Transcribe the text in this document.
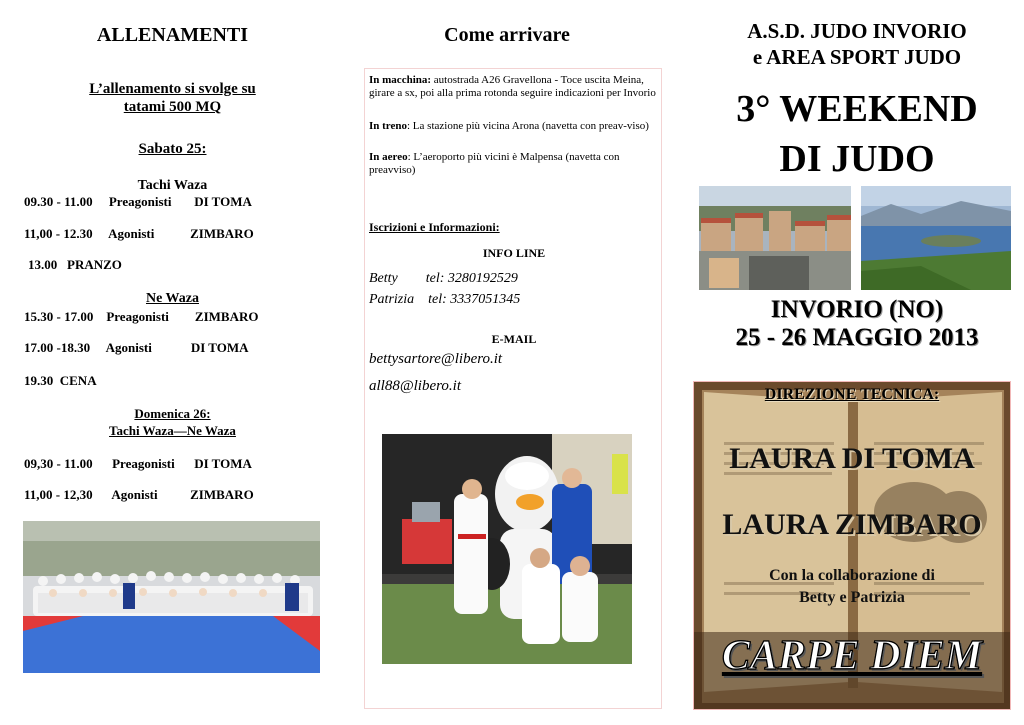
ALLENAMENTI
L’allenamento si svolge su
tatami 500 MQ
Sabato 25:
Tachi Waza
09.30 - 11.00     Preagonisti       DI TOMA
11,00 - 12.30     Agonisti           ZIMBARO
13.00   PRANZO
Ne Waza
15.30 - 17.00    Preagonisti        ZIMBARO
17.00 -18.30     Agonisti            DI TOMA
19.30  CENA
Domenica 26:
Tachi Waza—Ne Waza
09,30 - 11.00      Preagonisti      DI TOMA
11,00 - 12,30      Agonisti          ZIMBARO
Come arrivare
In macchina: autostrada A26 Gravellona - Toce uscita Meina, girare a sx, poi alla prima rotonda seguire indicazioni per Invorio
In treno: La stazione più vicina Arona (navetta con preav-viso)
In aereo: L’aeroporto più vicini è Malpensa (navetta con preavviso)
Iscrizioni e Informazioni:
INFO LINE
Betty        tel: 3280192529
Patrizia    tel: 3337051345
E-MAIL
bettysartore@libero.it
all88@libero.it
A.S.D. JUDO INVORIO
e AREA SPORT JUDO
3° WEEKEND
DI JUDO
INVORIO (NO)
25 - 26 MAGGIO 2013
DIREZIONE TECNICA:
LAURA DI TOMA
LAURA ZIMBARO
Con la collaborazione di
Betty e Patrizia
CARPE DIEM
